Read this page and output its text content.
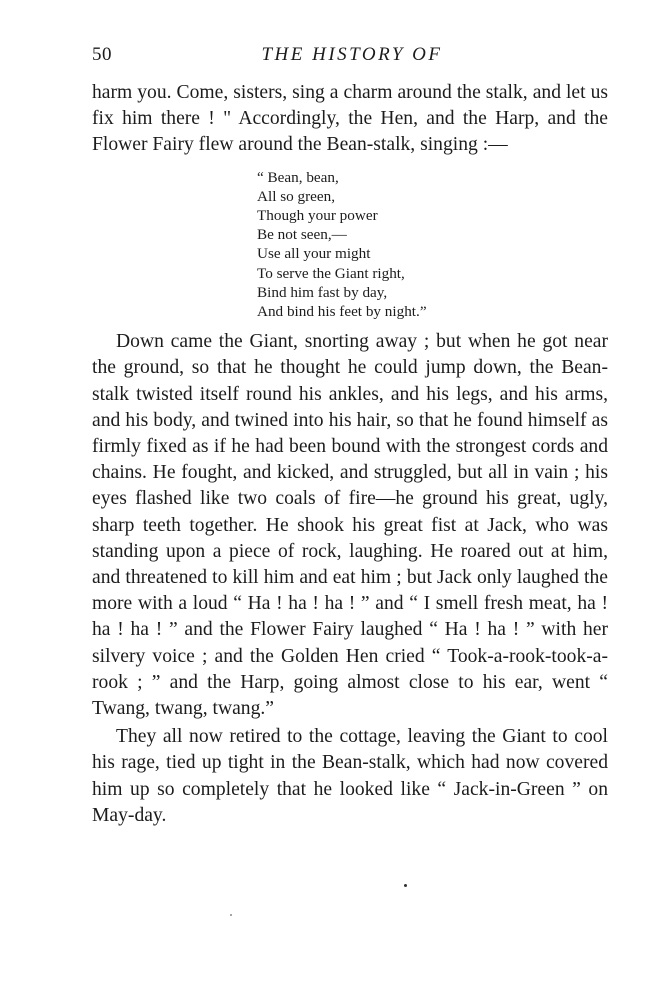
50	THE HISTORY OF

harm you. Come, sisters, sing a charm around the stalk, and let us fix him there ! " Accordingly, the Hen, and the Harp, and the Flower Fairy flew around the Bean-stalk, singing :—

“ Bean, bean,
All so green,
Though your power
Be not seen,—
Use all your might
To serve the Giant right,
Bind him fast by day,
And bind his feet by night.”

Down came the Giant, snorting away ; but when he got near the ground, so that he thought he could jump down, the Bean-stalk twisted itself round his ankles, and his legs, and his arms, and his body, and twined into his hair, so that he found himself as firmly fixed as if he had been bound with the strongest cords and chains. He fought, and kicked, and struggled, but all in vain ; his eyes flashed like two coals of fire—he ground his great, ugly, sharp teeth together. He shook his great fist at Jack, who was standing upon a piece of rock, laughing. He roared out at him, and threatened to kill him and eat him ; but Jack only laughed the more with a loud “ Ha ! ha ! ha ! ” and “ I smell fresh meat, ha ! ha ! ha ! ” and the Flower Fairy laughed “ Ha ! ha ! ” with her silvery voice ; and the Golden Hen cried “ Took-a-rook-took-a-rook ; ” and the Harp, going almost close to his ear, went “ Twang, twang, twang.”

They all now retired to the cottage, leaving the Giant to cool his rage, tied up tight in the Bean-stalk, which had now covered him up so completely that he looked like “ Jack-in-Green ” on May-day.
